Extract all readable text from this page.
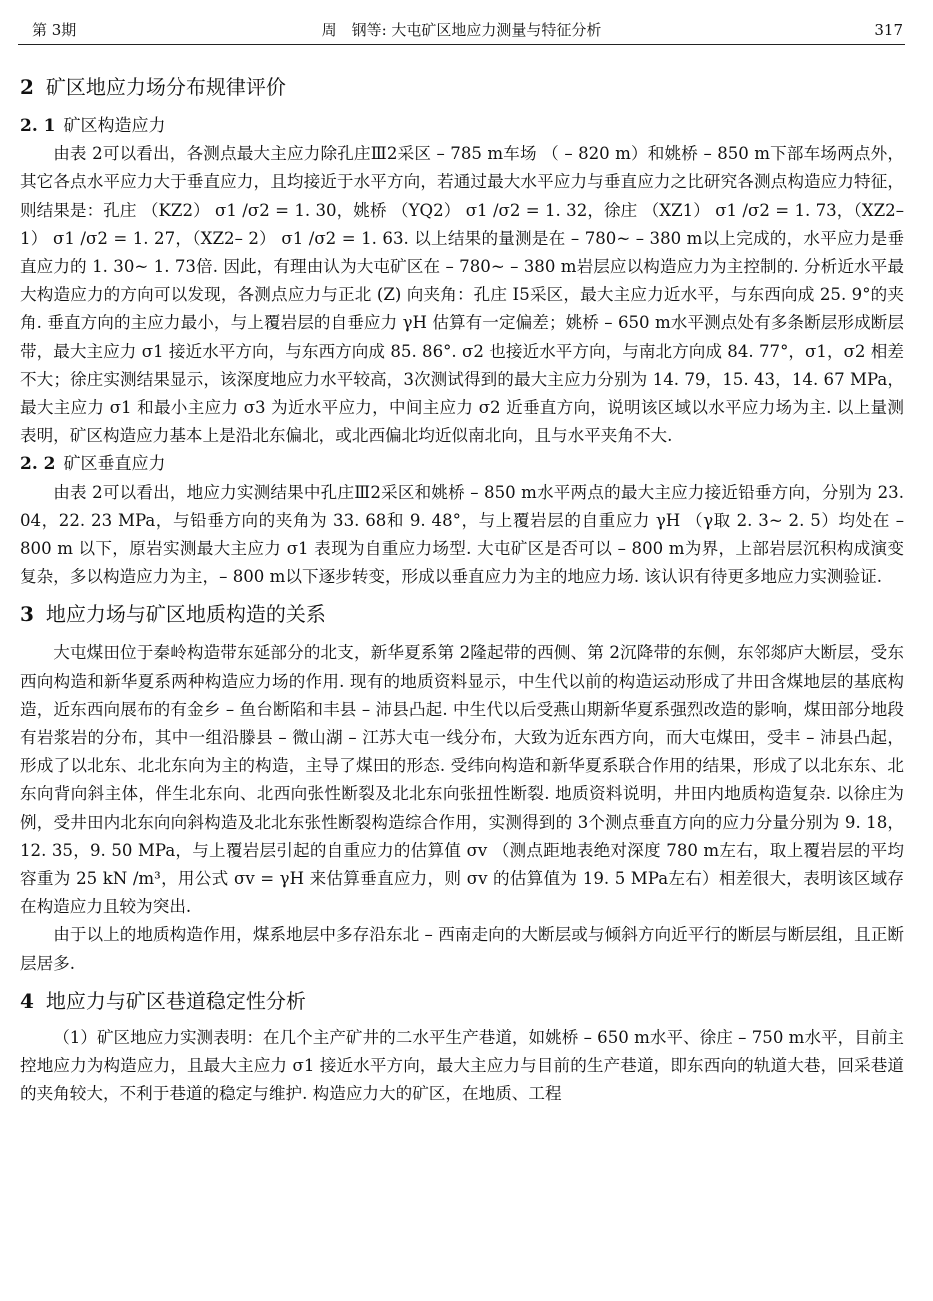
第 3期	周　钢等: 大屯矿区地应力测量与特征分析	317
2 矿区地应力场分布规律评价
2. 1 矿区构造应力

由表 2可以看出，各测点最大主应力除孔庄Ⅲ2采区 – 785 m车场 （ – 820 m）和姚桥 – 850 m下部车场两点外，其它各点水平应力大于垂直应力，且均接近于水平方向，若通过最大水平应力与垂直应力之比研究各测点构造应力特征，则结果是：孔庄 （KZ2） σ1 /σ2 = 1. 30，姚桥 （YQ2） σ1 /σ2 = 1. 32，徐庄 （XZ1） σ1 /σ2 = 1. 73，（XZ2– 1） σ1 /σ2 = 1. 27，（XZ2– 2） σ1 /σ2 = 1. 63. 以上结果的量测是在 – 780~ – 380 m以上完成的，水平应力是垂直应力的 1. 30~ 1. 73倍. 因此，有理由认为大屯矿区在 – 780~ – 380 m岩层应以构造应力为主控制的. 分析近水平最大构造应力的方向可以发现，各测点应力与正北 (Z) 向夹角：孔庄 Ⅰ5采区，最大主应力近水平，与东西向成 25. 9°的夹角. 垂直方向的主应力最小，与上覆岩层的自垂应力 γH 估算有一定偏差；姚桥 – 650 m水平测点处有多条断层形成断层带，最大主应力 σ1 接近水平方向，与东西方向成 85. 86°. σ2 也接近水平方向，与南北方向成 84. 77°，σ1，σ2 相差不大；徐庄实测结果显示，该深度地应力水平较高，3次测试得到的最大主应力分别为 14. 79，15. 43，14. 67 MPa，最大主应力 σ1 和最小主应力 σ3 为近水平应力，中间主应力 σ2 近垂直方向，说明该区域以水平应力场为主. 以上量测表明，矿区构造应力基本上是沿北东偏北，或北西偏北均近似南北向，且与水平夹角不大.

2. 2 矿区垂直应力

由表 2可以看出，地应力实测结果中孔庄Ⅲ2采区和姚桥 – 850 m水平两点的最大主应力接近铅垂方向，分别为 23. 04，22. 23 MPa，与铅垂方向的夹角为 33. 68和 9. 48°，与上覆岩层的自重应力 γH （γ取 2. 3~ 2. 5）均处在 – 800 m 以下，原岩实测最大主应力 σ1 表现为自重应力场型. 大屯矿区是否可以 – 800 m为界，上部岩层沉积构成演变复杂，多以构造应力为主，– 800 m以下逐步转变，形成以垂直应力为主的地应力场. 该认识有待更多地应力实测验证.

3 地应力场与矿区地质构造的关系

大屯煤田位于秦岭构造带东延部分的北支，新华夏系第 2隆起带的西侧、第 2沉降带的东侧，东邻郯庐大断层，受东西向构造和新华夏系两种构造应力场的作用. 现有的地质资料显示，中生代以前的构造运动形成了井田含煤地层的基底构造，近东西向展布的有金乡 – 鱼台断陷和丰县 – 沛县凸起. 中生代以后受燕山期新华夏系强烈改造的影响，煤田部分地段有岩浆岩的分布，其中一组沿滕县 – 微山湖 – 江苏大屯一线分布，大致为近东西方向，而大屯煤田，受丰 – 沛县凸起，形成了以北东、北北东向为主的构造，主导了煤田的形态. 受纬向构造和新华夏系联合作用的结果，形成了以北东东、北东向背向斜主体，伴生北东向、北西向张性断裂及北北东向张扭性断裂. 地质资料说明，井田内地质构造复杂. 以徐庄为例，受井田内北东向向斜构造及北北东张性断裂构造综合作用，实测得到的 3个测点垂直方向的应力分量分别为 9. 18，12. 35，9. 50 MPa，与上覆岩层引起的自重应力的估算值 σv （测点距地表绝对深度 780 m左右，取上覆岩层的平均容重为 25 kN /m³，用公式 σv = γH 来估算垂直应力，则 σv 的估算值为 19. 5 MPa左右）相差很大，表明该区域存在构造应力且较为突出.

由于以上的地质构造作用，煤系地层中多存沿东北 – 西南走向的大断层或与倾斜方向近平行的断层与断层组，且正断层居多.

4 地应力与矿区巷道稳定性分析

（1）矿区地应力实测表明：在几个主产矿井的二水平生产巷道，如姚桥 – 650 m水平、徐庄 – 750 m水平，目前主控地应力为构造应力，且最大主应力 σ1 接近水平方向，最大主应力与目前的生产巷道，即东西向的轨道大巷，回采巷道的夹角较大，不利于巷道的稳定与维护. 构造应力大的矿区，在地质、工程
